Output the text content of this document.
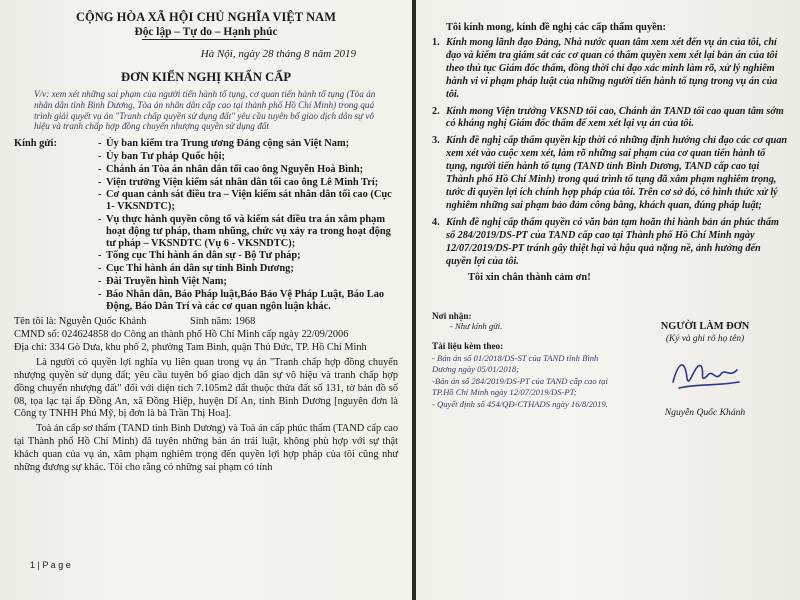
CỘNG HÒA XÃ HỘI CHỦ NGHĨA VIỆT NAM
Độc lập – Tự do – Hạnh phúc
Hà Nội, ngày 28 tháng 8 năm 2019
ĐƠN KIẾN NGHỊ KHẨN CẤP
V/v: xem xét những sai phạm của người tiến hành tố tụng, cơ quan tiến hành tố tụng (Tòa án nhân dân tỉnh Bình Dương, Tòa án nhân dân cấp cao tại thành phố Hồ Chí Minh) trong quá trình giải quyết vụ án "Tranh chấp quyền sử dụng đất" yêu cầu tuyên bố giao dịch dân sự vô hiệu và tranh chấp hợp đồng chuyển nhượng quyền sử dụng đất
Kính gửi:
-	Ủy ban kiểm tra Trung ương Đảng cộng sản Việt Nam;
- Ủy ban Tư pháp Quốc hội;
- Chánh án Tòa án nhân dân tối cao ông Nguyễn Hoà Bình;
- Viện trưởng Viện kiểm sát nhân dân tối cao ông Lê Minh Trí;
- Cơ quan cảnh sát điều tra – Viện kiểm sát nhân dân tối cao (Cục 1- VKSNDTC);
- Vụ thực hành quyền công tố và kiểm sát điều tra án xâm phạm hoạt động tư pháp, tham nhũng, chức vụ xảy ra trong hoạt động tư pháp – VKSNDTC (Vụ 6 - VKSNDTC);
- Tổng cục Thi hành án dân sự - Bộ Tư pháp;
- Cục Thi hành án dân sự tỉnh Bình Dương;
- Đài Truyền hình Việt Nam;
- Báo Nhân dân, Báo Pháp luật,Báo Bảo Vệ Pháp Luật, Báo Lao Động, Báo Dân Trí và các cơ quan ngôn luận khác.
Tên tôi là: Nguyễn Quốc Khánh	Sinh năm: 1968
CMND số: 024624858 do Công an thành phố Hồ Chí Minh cấp ngày 22/09/2006
Địa chỉ: 334 Gò Dưa, khu phố 2, phường Tam Bình, quận Thủ Đức, TP. Hồ Chí Minh
Là người có quyền lợi nghĩa vụ liên quan trong vụ án "Tranh chấp hợp đồng chuyển nhượng quyền sử dụng đất; yêu cầu tuyên bố giao dịch dân sự vô hiệu và tranh chấp hợp đồng chuyển nhượng đất" đối với diện tích 7.105m2 đất thuộc thửa đất số 131, tờ bản đồ số 08, tọa lạc tại ấp Đồng An, xã Đồng Hiệp, huyện Dĩ An, tỉnh Bình Dương [nguyên đơn là Công ty TNHH Phú Mỹ, bị đơn là bà Trần Thị Hoa].
Toà án cấp sơ thẩm (TAND tỉnh Bình Dương) và Toà án cấp phúc thẩm (TAND cấp cao tại Thành phố Hồ Chí Minh) đã tuyên những bản án trái luật, không phù hợp với sự thật khách quan của vụ án, xâm phạm nghiêm trọng đến quyền lợi hợp pháp của tôi cũng như những đương sự khác. Tôi cho rằng có những sai phạm có tính
1 | P a g e
Tôi kính mong, kính đề nghị các cấp thẩm quyền:
1. Kính mong lãnh đạo Đảng, Nhà nước quan tâm xem xét đến vụ án của tôi, chỉ đạo và kiểm tra giám sát các cơ quan có thẩm quyền xem xét lại bản án của tôi theo thủ tục Giám đốc thẩm, đồng thời chỉ đạo xác minh làm rõ, xử lý nghiêm hành vi vi phạm pháp luật của những người tiến hành tố tụng trong vụ án của tôi.
2. Kính mong Viện trưởng VKSND tối cao, Chánh án TAND tối cao quan tâm sớm có kháng nghị Giám đốc thẩm để xem xét lại vụ án của tôi.
3. Kính đề nghị cấp thẩm quyền kịp thời có những định hướng chỉ đạo các cơ quan xem xét vào cuộc xem xét, làm rõ những sai phạm của cơ quan tiến hành tố tụng, người tiến hành tố tụng (TAND tỉnh Bình Dương, TAND cấp cao tại Thành phố Hồ Chí Minh) trong quá trình tố tụng đã xâm phạm nghiêm trọng, tước đi quyền lợi ích chính hợp pháp của tôi. Trên cơ sở đó, có hình thức xử lý nghiêm những sai phạm bảo đảm công bằng, khách quan, đúng pháp luật;
4. Kính đề nghị cấp thẩm quyền có văn bản tạm hoãn thi hành bản án phúc thẩm số 284/2019/DS-PT của TAND cấp cao tại Thành phố Hồ Chí Minh ngày 12/07/2019/DS-PT tránh gây thiệt hại và hậu quả nặng nề, ảnh hưởng đến quyền lợi của tôi.
Tôi xin chân thành cảm ơn!
Nơi nhận:
- Như kính gửi.
Tài liệu kèm theo:
- Bản án số 01/2018/DS-ST của TAND tỉnh Bình Dương ngày 05/01/2018;
-Bản án số 284/2019/DS-PT của TAND cấp cao tại TP.Hồ Chí Minh ngày 12/07/2019/DS-PT;
- Quyết định số 454/QĐ-CTHADS ngày 16/8/2019.
NGƯỜI LÀM ĐƠN
(Ký và ghi rõ họ tên)
Nguyễn Quốc Khánh
